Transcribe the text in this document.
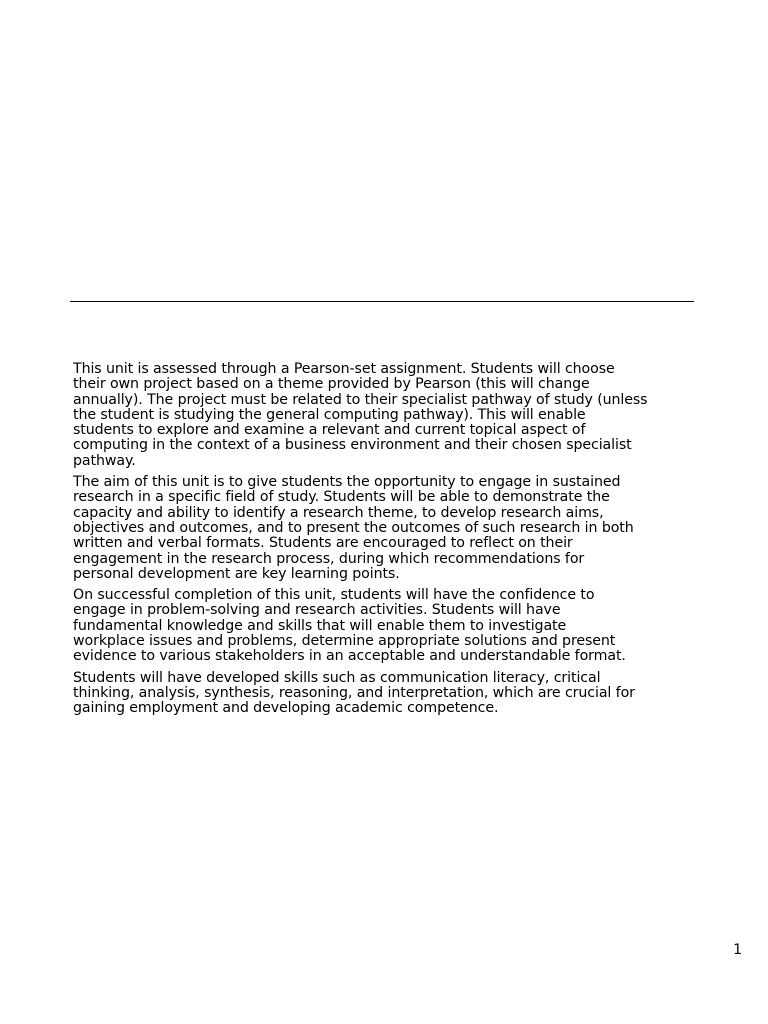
This unit is assessed through a Pearson-set assignment. Students will choose
their own project based on a theme provided by Pearson (this will change
annually). The project must be related to their specialist pathway of study (unless
the student is studying the general computing pathway). This will enable
students to explore and examine a relevant and current topical aspect of
computing in the context of a business environment and their chosen specialist
pathway.

The aim of this unit is to give students the opportunity to engage in sustained
research in a specific field of study. Students will be able to demonstrate the
capacity and ability to identify a research theme, to develop research aims,
objectives and outcomes, and to present the outcomes of such research in both
written and verbal formats. Students are encouraged to reflect on their
engagement in the research process, during which recommendations for
personal development are key learning points.

On successful completion of this unit, students will have the confidence to
engage in problem-solving and research activities. Students will have
fundamental knowledge and skills that will enable them to investigate
workplace issues and problems, determine appropriate solutions and present
evidence to various stakeholders in an acceptable and understandable format.

Students will have developed skills such as communication literacy, critical
thinking, analysis, synthesis, reasoning, and interpretation, which are crucial for
gaining employment and developing academic competence.

1
